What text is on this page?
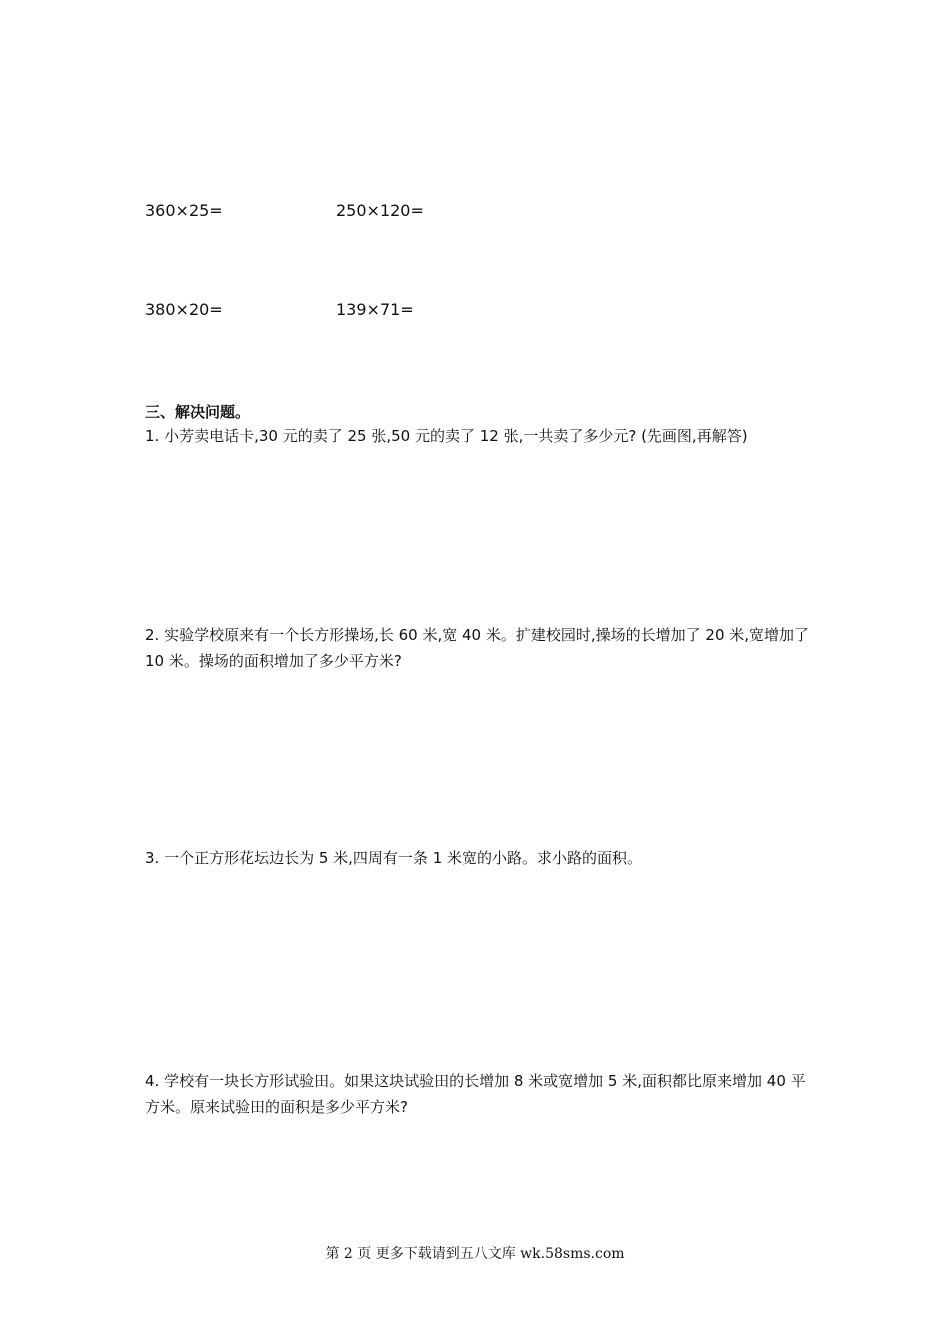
360×25=	250×120=
380×20=	139×71=
三、解决问题。
1. 小芳卖电话卡,30 元的卖了 25 张,50 元的卖了 12 张,一共卖了多少元? (先画图,再解答)
2. 实验学校原来有一个长方形操场,长 60 米,宽 40 米。扩建校园时,操场的长增加了 20 米,宽增加了 10 米。操场的面积增加了多少平方米?
3. 一个正方形花坛边长为 5 米,四周有一条 1 米宽的小路。求小路的面积。
4. 学校有一块长方形试验田。如果这块试验田的长增加 8 米或宽增加 5 米,面积都比原来增加 40 平方米。原来试验田的面积是多少平方米?
第 2 页 更多下载请到五八文库 wk.58sms.com
